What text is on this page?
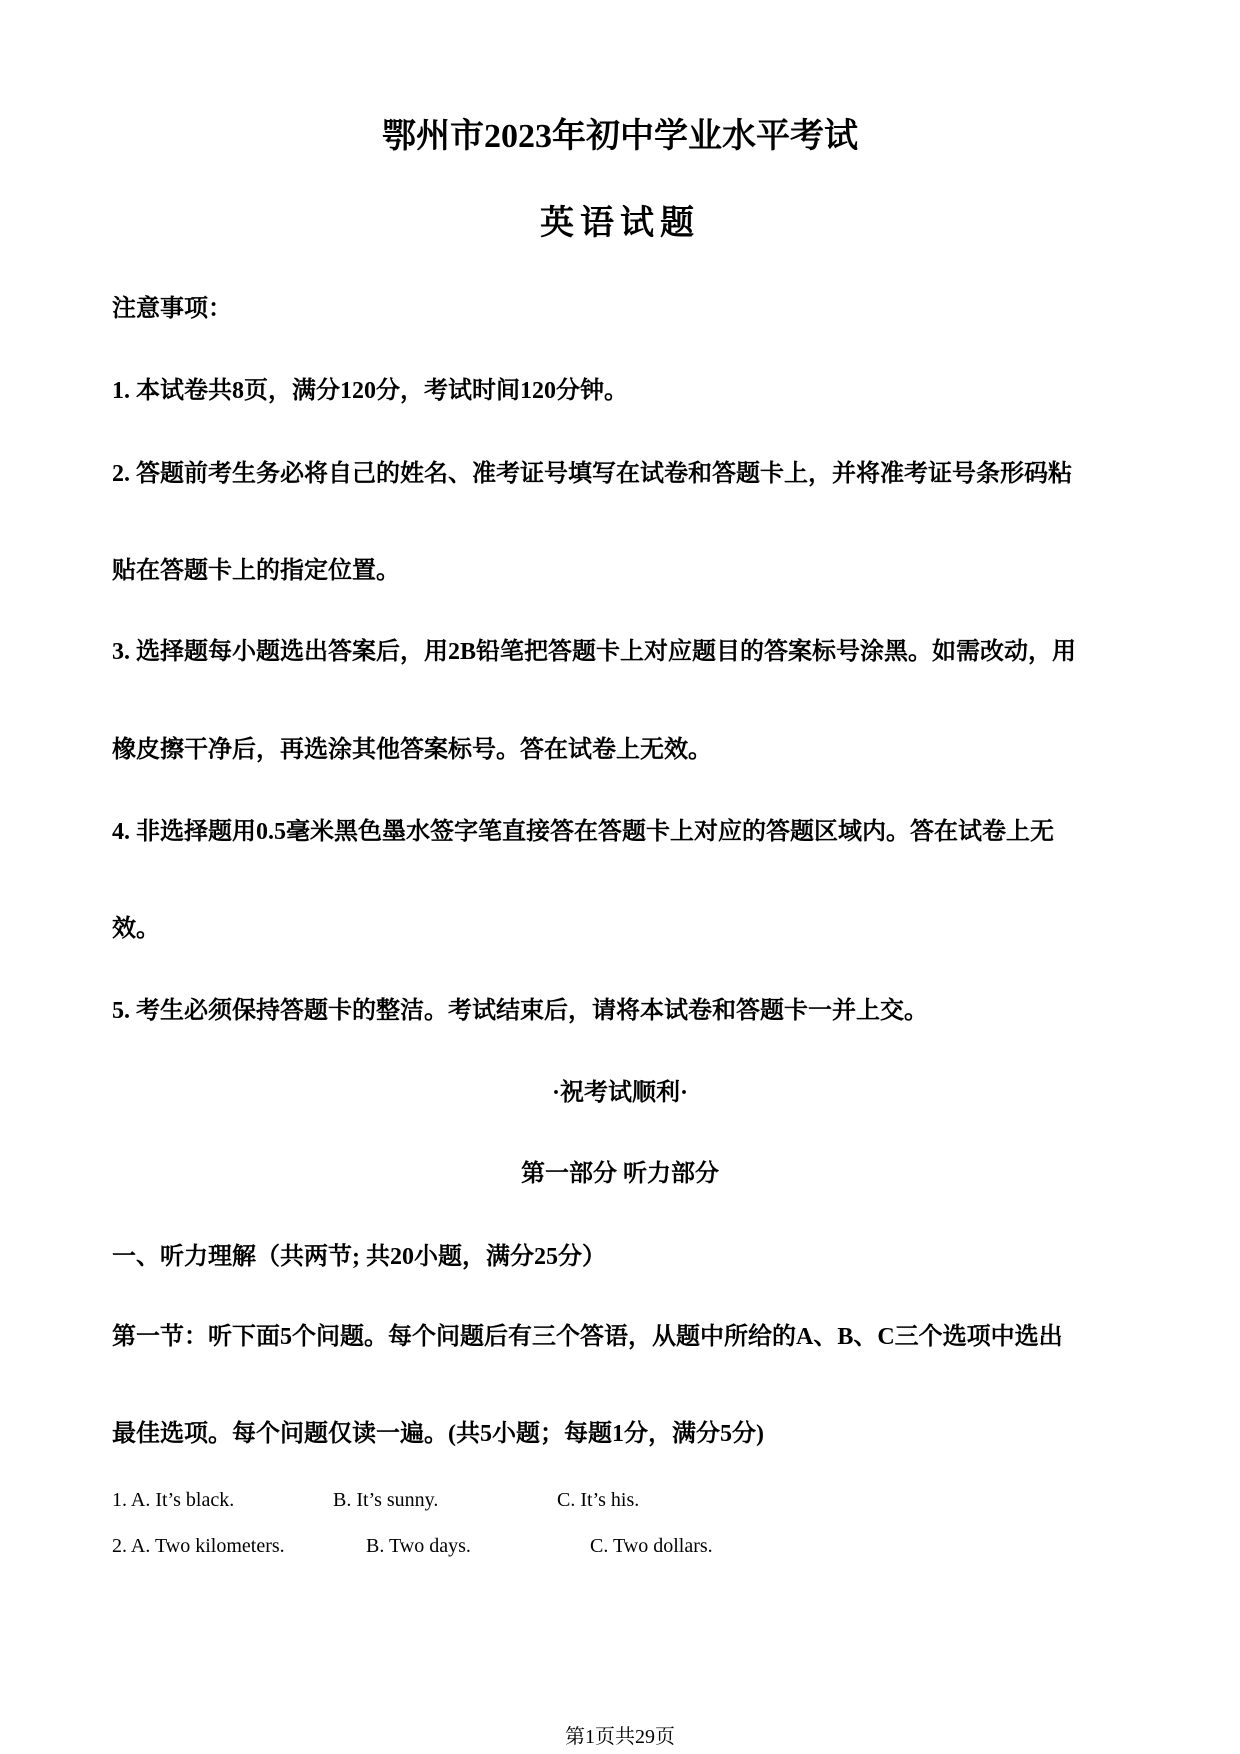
鄂州市2023年初中学业水平考试
英语试题
注意事项：
1. 本试卷共8页，满分120分，考试时间120分钟。
2. 答题前考生务必将自己的姓名、准考证号填写在试卷和答题卡上，并将准考证号条形码粘
贴在答题卡上的指定位置。
3. 选择题每小题选出答案后，用2B铅笔把答题卡上对应题目的答案标号涂黑。如需改动，用
橡皮擦干净后，再选涂其他答案标号。答在试卷上无效。
4. 非选择题用0.5毫米黑色墨水签字笔直接答在答题卡上对应的答题区域内。答在试卷上无
效。
5. 考生必须保持答题卡的整洁。考试结束后，请将本试卷和答题卡一并上交。
·祝考试顺利·
第一部分 听力部分
一、听力理解（共两节; 共20小题，满分25分）
第一节：听下面5个问题。每个问题后有三个答语，从题中所给的A、B、C三个选项中选出
最佳选项。每个问题仅读一遍。(共5小题；每题1分，满分5分)
1. A. It’s black.	B. It’s sunny.	C. It’s his.
2. A. Two kilometers.	B. Two days.	C. Two dollars.
第1页共29页
